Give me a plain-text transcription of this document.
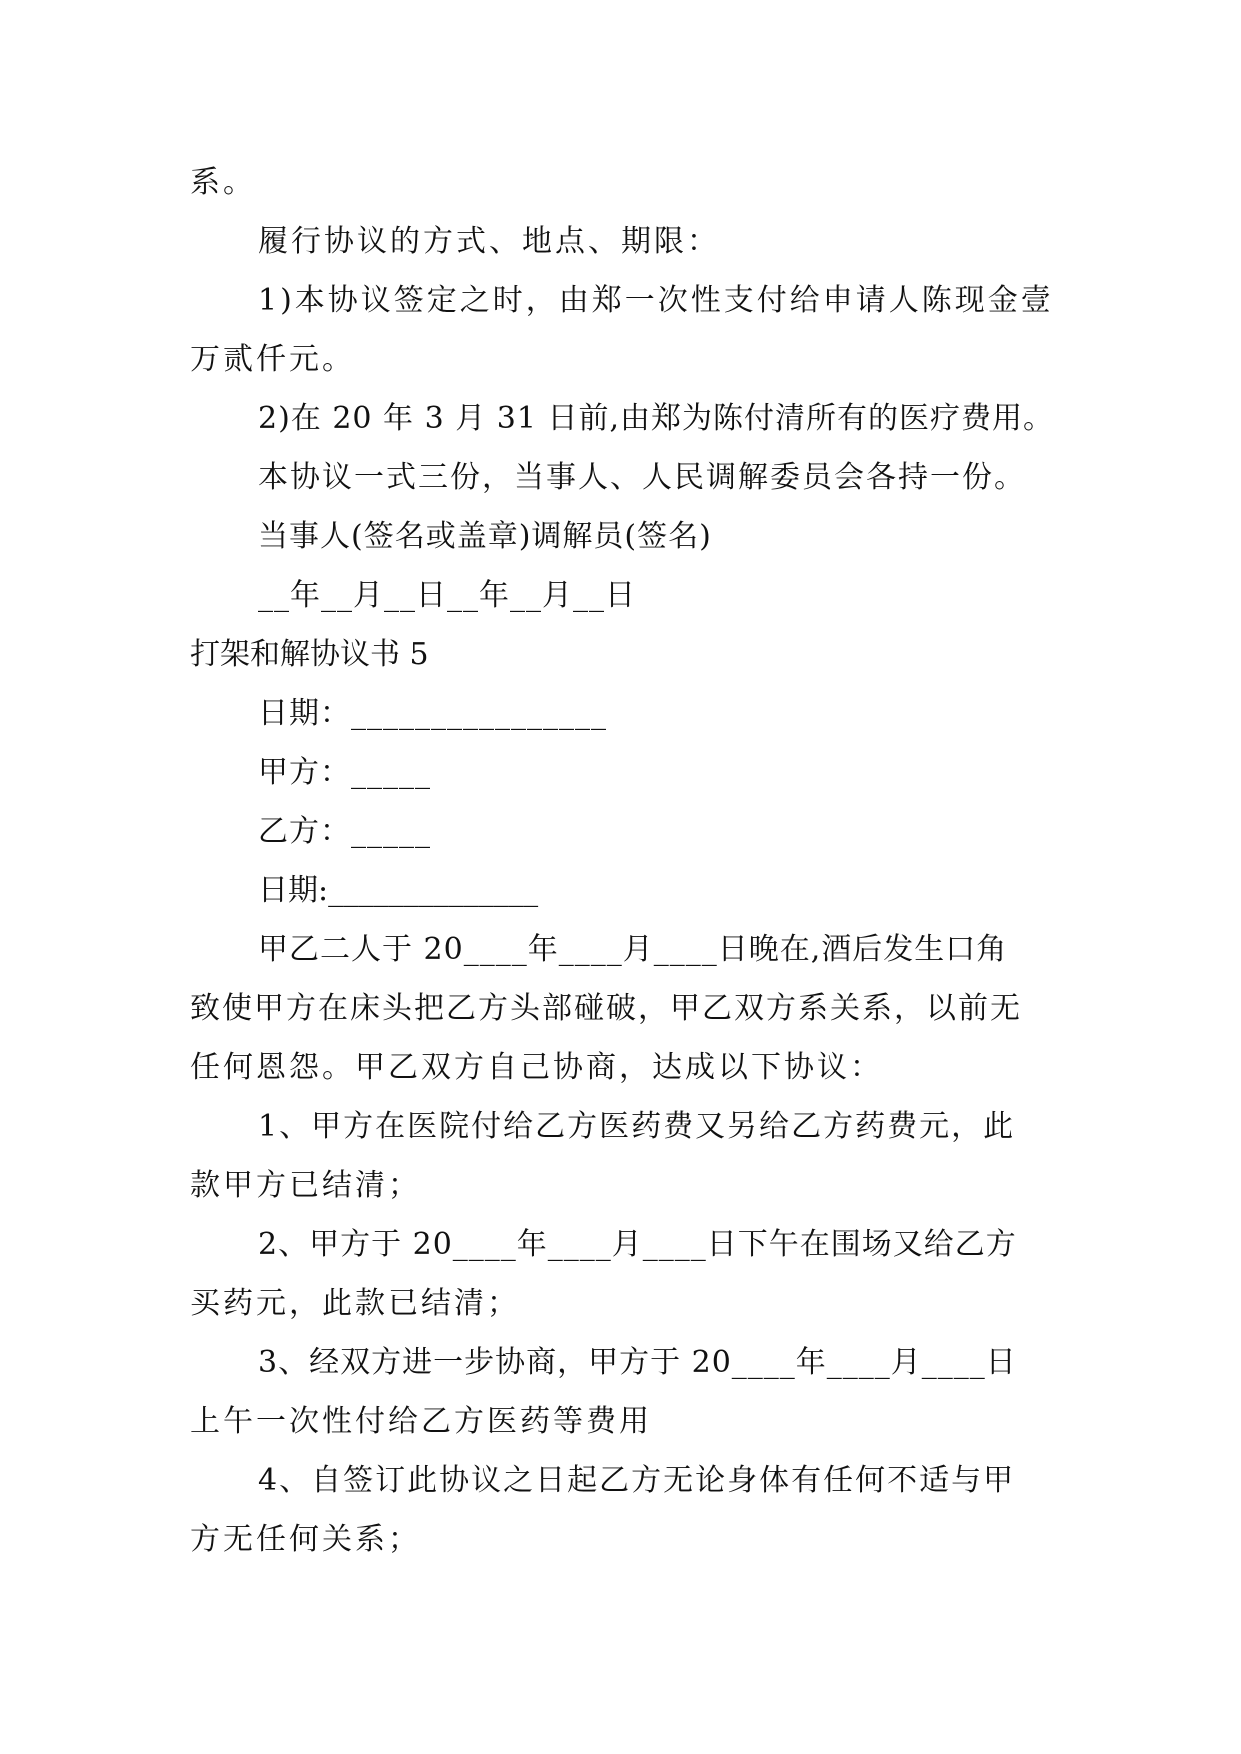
系。
履行协议的方式、地点、期限：
1)本协议签定之时，由郑一次性支付给申请人陈现金壹
万贰仟元。
2)在 20 年 3 月 31 日前,由郑为陈付清所有的医疗费用。
本协议一式三份，当事人、人民调解委员会各持一份。
当事人(签名或盖章)调解员(签名)
__年__月__日__年__月__日
打架和解协议书 5
日期：________________
甲方：_____
乙方：_____
日期:______________
甲乙二人于 20____年____月____日晚在,酒后发生口角
致使甲方在床头把乙方头部碰破，甲乙双方系关系，以前无
任何恩怨。甲乙双方自己协商，达成以下协议：
1、甲方在医院付给乙方医药费又另给乙方药费元，此
款甲方已结清；
2、甲方于 20____年____月____日下午在围场又给乙方
买药元，此款已结清；
3、经双方进一步协商，甲方于 20____年____月____日
上午一次性付给乙方医药等费用
4、自签订此协议之日起乙方无论身体有任何不适与甲
方无任何关系；
